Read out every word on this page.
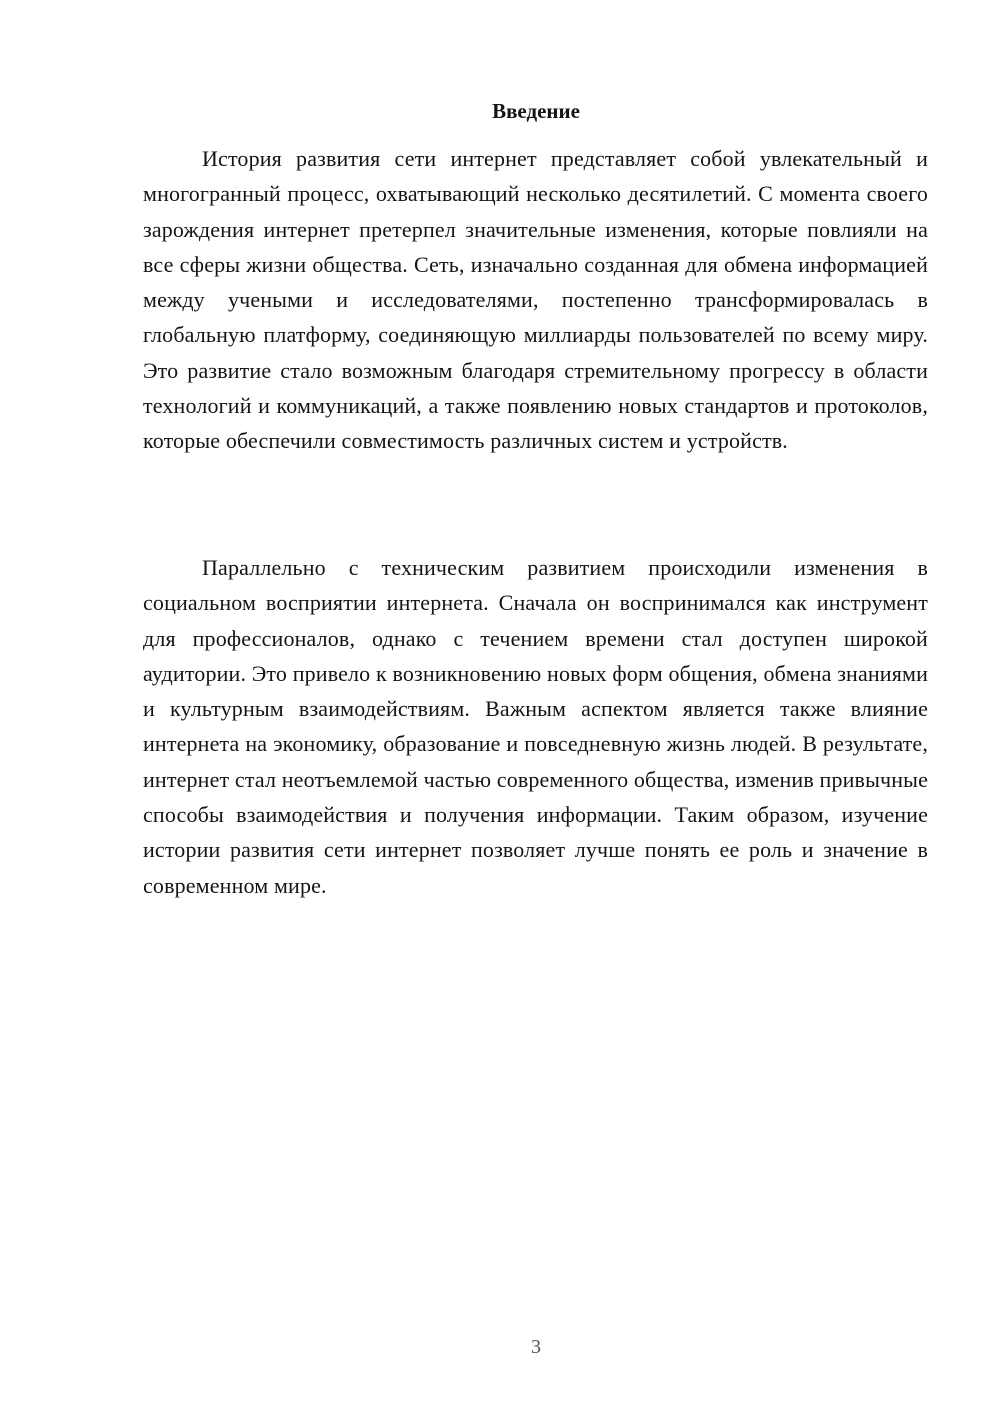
Введение

История развития сети интернет представляет собой увлекательный и многогранный процесс, охватывающий несколько десятилетий. С момента своего зарождения интернет претерпел значительные изменения, которые повлияли на все сферы жизни общества. Сеть, изначально созданная для обмена информацией между учеными и исследователями, постепенно трансформировалась в глобальную платформу, соединяющую миллиарды пользователей по всему миру. Это развитие стало возможным благодаря стремительному прогрессу в области технологий и коммуникаций, а также появлению новых стандартов и протоколов, которые обеспечили совместимость различных систем и устройств.

Параллельно с техническим развитием происходили изменения в социальном восприятии интернета. Сначала он воспринимался как инструмент для профессионалов, однако с течением времени стал доступен широкой аудитории. Это привело к возникновению новых форм общения, обмена знаниями и культурным взаимодействиям. Важным аспектом является также влияние интернета на экономику, образование и повседневную жизнь людей. В результате, интернет стал неотъемлемой частью современного общества, изменив привычные способы взаимодействия и получения информации. Таким образом, изучение истории развития сети интернет позволяет лучше понять ее роль и значение в современном мире.

3
